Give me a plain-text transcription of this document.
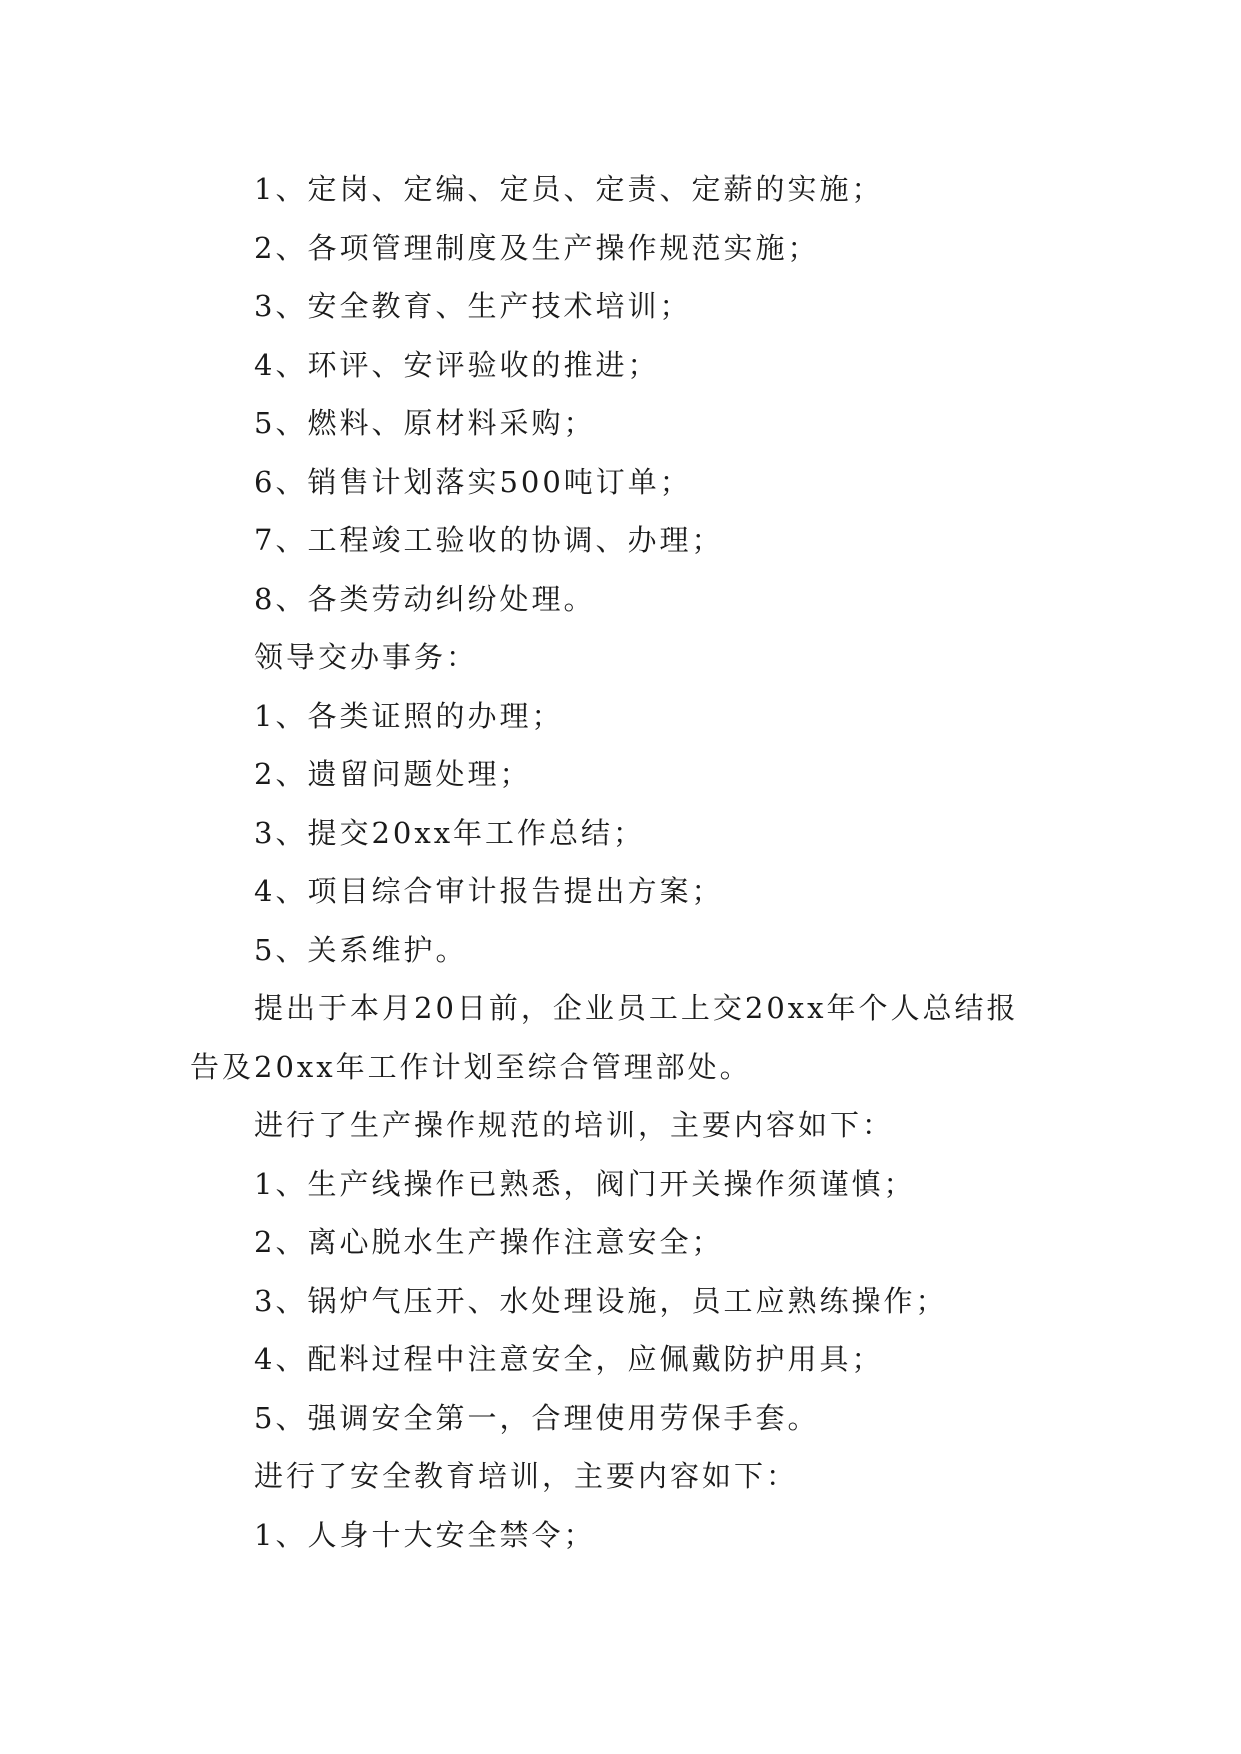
1、定岗、定编、定员、定责、定薪的实施；
2、各项管理制度及生产操作规范实施；
3、安全教育、生产技术培训；
4、环评、安评验收的推进；
5、燃料、原材料采购；
6、销售计划落实500吨订单；
7、工程竣工验收的协调、办理；
8、各类劳动纠纷处理。
领导交办事务：
1、各类证照的办理；
2、遗留问题处理；
3、提交20xx年工作总结；
4、项目综合审计报告提出方案；
5、关系维护。
提出于本月20日前，企业员工上交20xx年个人总结报
告及20xx年工作计划至综合管理部处。
进行了生产操作规范的培训，主要内容如下：
1、生产线操作已熟悉，阀门开关操作须谨慎；
2、离心脱水生产操作注意安全；
3、锅炉气压开、水处理设施，员工应熟练操作；
4、配料过程中注意安全，应佩戴防护用具；
5、强调安全第一，合理使用劳保手套。
进行了安全教育培训，主要内容如下：
1、人身十大安全禁令；
